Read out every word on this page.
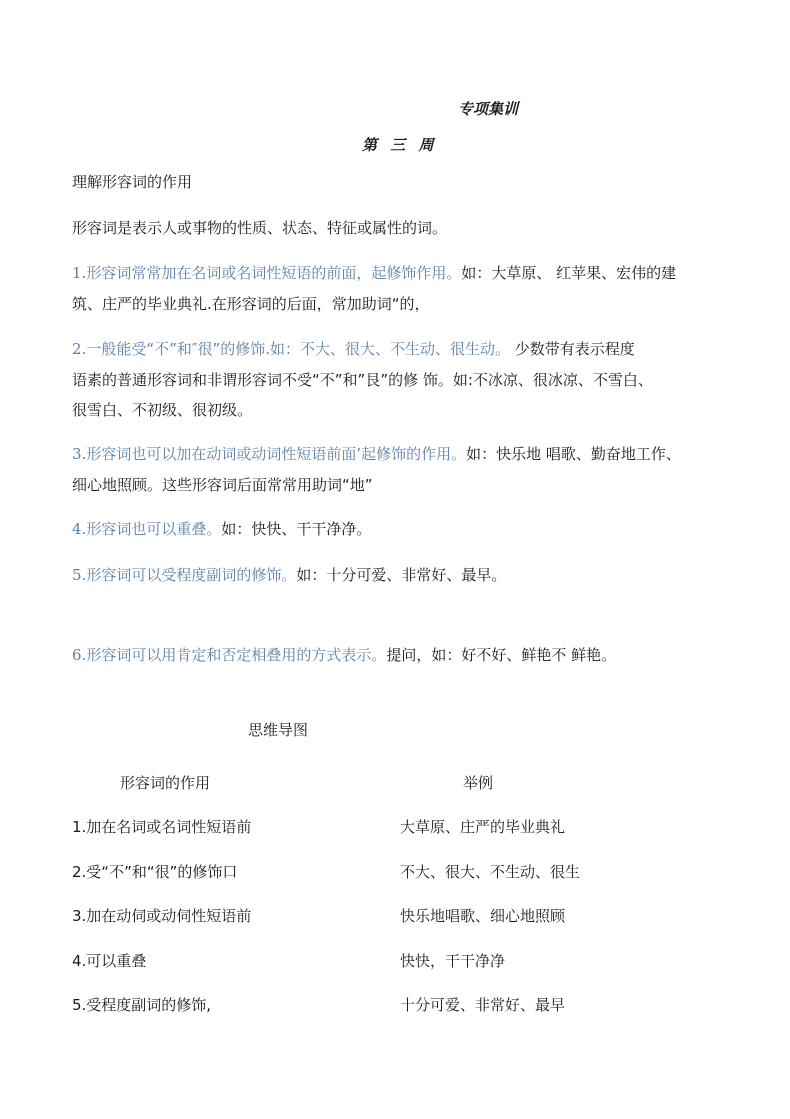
专项集训
第 三 周
理解形容词的作用
形容词是表示人或事物的性质、状态、特征或属性的词。
1.形容词常常加在名词或名词性短语的前面，起修饰作用。如：大草原、 红苹果、宏伟的建
筑、庄严的毕业典礼.在形容词的后面，常加助词“的，
2.一般能受“不”和″很”的修饰.如：不大、很大、不生动、很生动。 少数带有表示程度
语素的普通形容词和非谓形容词不受“不”和”艮”的修 饰。如:不冰凉、很冰凉、不雪白、
很雪白、不初级、很初级。
3.形容词也可以加在动词或动词性短语前面’起修饰的作用。如：快乐地 唱歌、勤奋地工作、
细心地照顾。这些形容词后面常常用助词“地”
4.形容词也可以重叠。如：快快、干干净净。
5.形容词可以受程度副词的修饰。如：十分可爱、非常好、最早。
6.形容词可以用肯定和否定相叠用的方式表示。提问，如：好不好、鲜艳不 鲜艳。
思维导图
形容词的作用	举例
1.加在名词或名词性短语前	大草原、庄严的毕业典礼
2.受“不”和“很”的修饰口	不大、很大、不生动、很生
3.加在动伺或动伺性短语前	快乐地唱歌、细心地照顾
4.可以重叠	快快，干干净净
5.受程度副词的修饰,	十分可爱、非常好、最早
